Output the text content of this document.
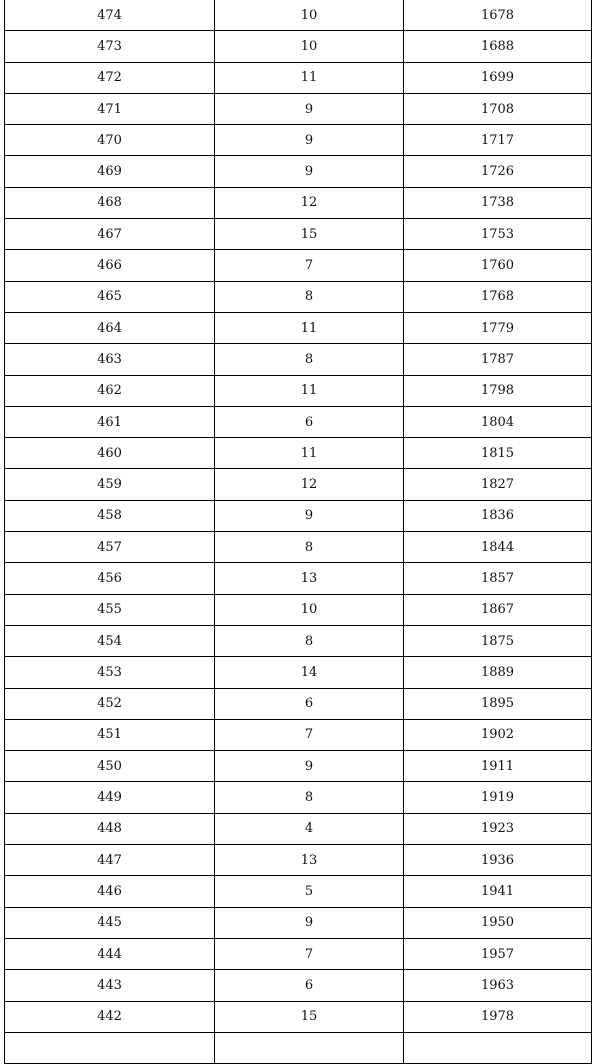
474	10	1678
473	10	1688
472	11	1699
471	9	1708
470	9	1717
469	9	1726
468	12	1738
467	15	1753
466	7	1760
465	8	1768
464	11	1779
463	8	1787
462	11	1798
461	6	1804
460	11	1815
459	12	1827
458	9	1836
457	8	1844
456	13	1857
455	10	1867
454	8	1875
453	14	1889
452	6	1895
451	7	1902
450	9	1911
449	8	1919
448	4	1923
447	13	1936
446	5	1941
445	9	1950
444	7	1957
443	6	1963
442	15	1978
